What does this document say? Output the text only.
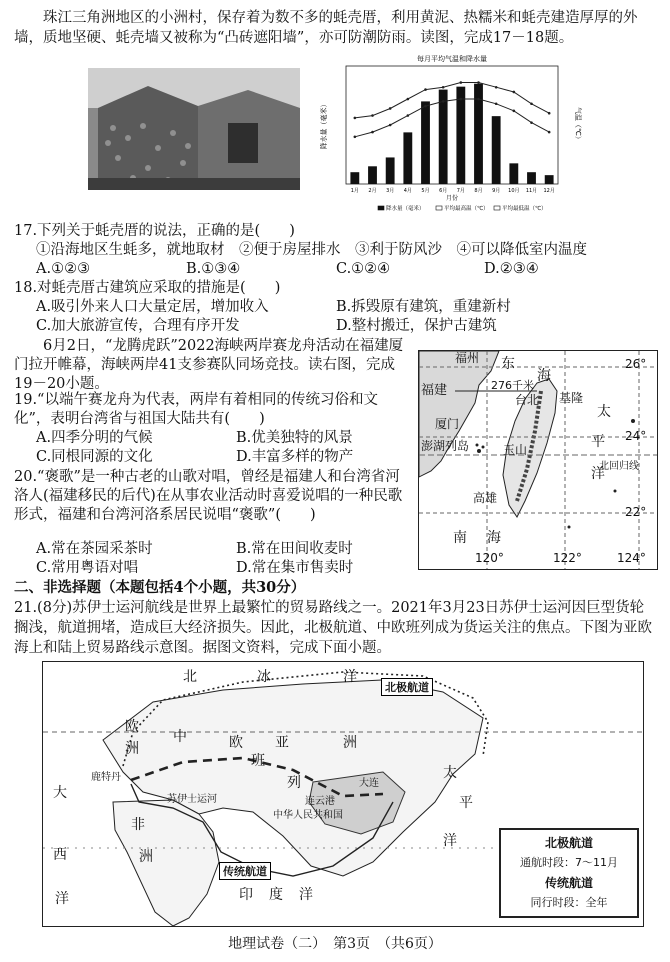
珠江三角洲地区的小洲村，保存着为数不多的蚝壳厝，利用黄泥、热糯米和蚝壳建造厚厚的外墙，质地坚硬、蚝壳墙又被称为“凸砖遮阳墙”，亦可防潮防雨。读图，完成17－18题。
每月平均气温和降水量
降水量（毫米）	气温（℃）
1月 2月 3月 4月 5月 6月 7月 8月 9月 10月 11月 12月
月份
降水量（毫米）	平均最高温（℃） 平均最低温（℃）
17.下列关于蚝壳厝的说法，正确的是(　　)
①沿海地区生蚝多，就地取材　②便于房屋排水　③利于防风沙　④可以降低室内温度
A.①②③	B.①③④	C.①②④	D.②③④
18.对蚝壳厝古建筑应采取的措施是(　　)
A.吸引外来人口大量定居，增加收入	B.拆毁原有建筑，重建新村
C.加大旅游宣传，合理有序开发	D.整村搬迁，保护古建筑
6月2日，“龙腾虎跃”2022海峡两岸赛龙舟活动在福建厦门拉开帷幕，海峡两岸41支参赛队同场竞技。读右图，完成19－20小题。
19.“以端午赛龙舟为代表，两岸有着相同的传统习俗和文化”，表明台湾省与祖国大陆共有(　　)
A.四季分明的气候	B.优美独特的风景
C.同根同源的文化	D.丰富多样的物产
20.“褒歌”是一种古老的山歌对唱，曾经是福建人和台湾省河洛人(福建移民的后代)在从事农业活动时喜爱说唱的一种民歌形式，福建和台湾河洛系居民说唱“褒歌”(　　)
A.常在茶园采茶时	B.常在田间收麦时
C.常用粤语对唱	D.常在集市售卖时
福州 东
海
福建	276千米
台北 基隆
厦门
太
澎湖列岛	玉山	平
高雄
洋
南 海
北回归线
26°
24°
22°
120°	122°	124°
二、非选择题（本题包括4个小题，共30分）
21.(8分)苏伊士运河航线是世界上最繁忙的贸易路线之一。2021年3月23日苏伊士运河因巨型货轮搁浅，航道拥堵，造成巨大经济损失。因此，北极航道、中欧班列成为货运关注的焦点。下图为亚欧海上和陆上贸易路线示意图。据图文资料，完成下面小题。
北	冰	洋
北极航道
欧
中	欧 亚	洲
洲
班
列
大
鹿特丹
苏伊士运河
大连
连云港
中华人民共和国
非
西	洲
太
平
洋
传统航道
印 度 洋
洋
北极航道
通航时段：7～11月
传统航道
同行时段：全年
地理试卷（二）　第3页　（共6页）
